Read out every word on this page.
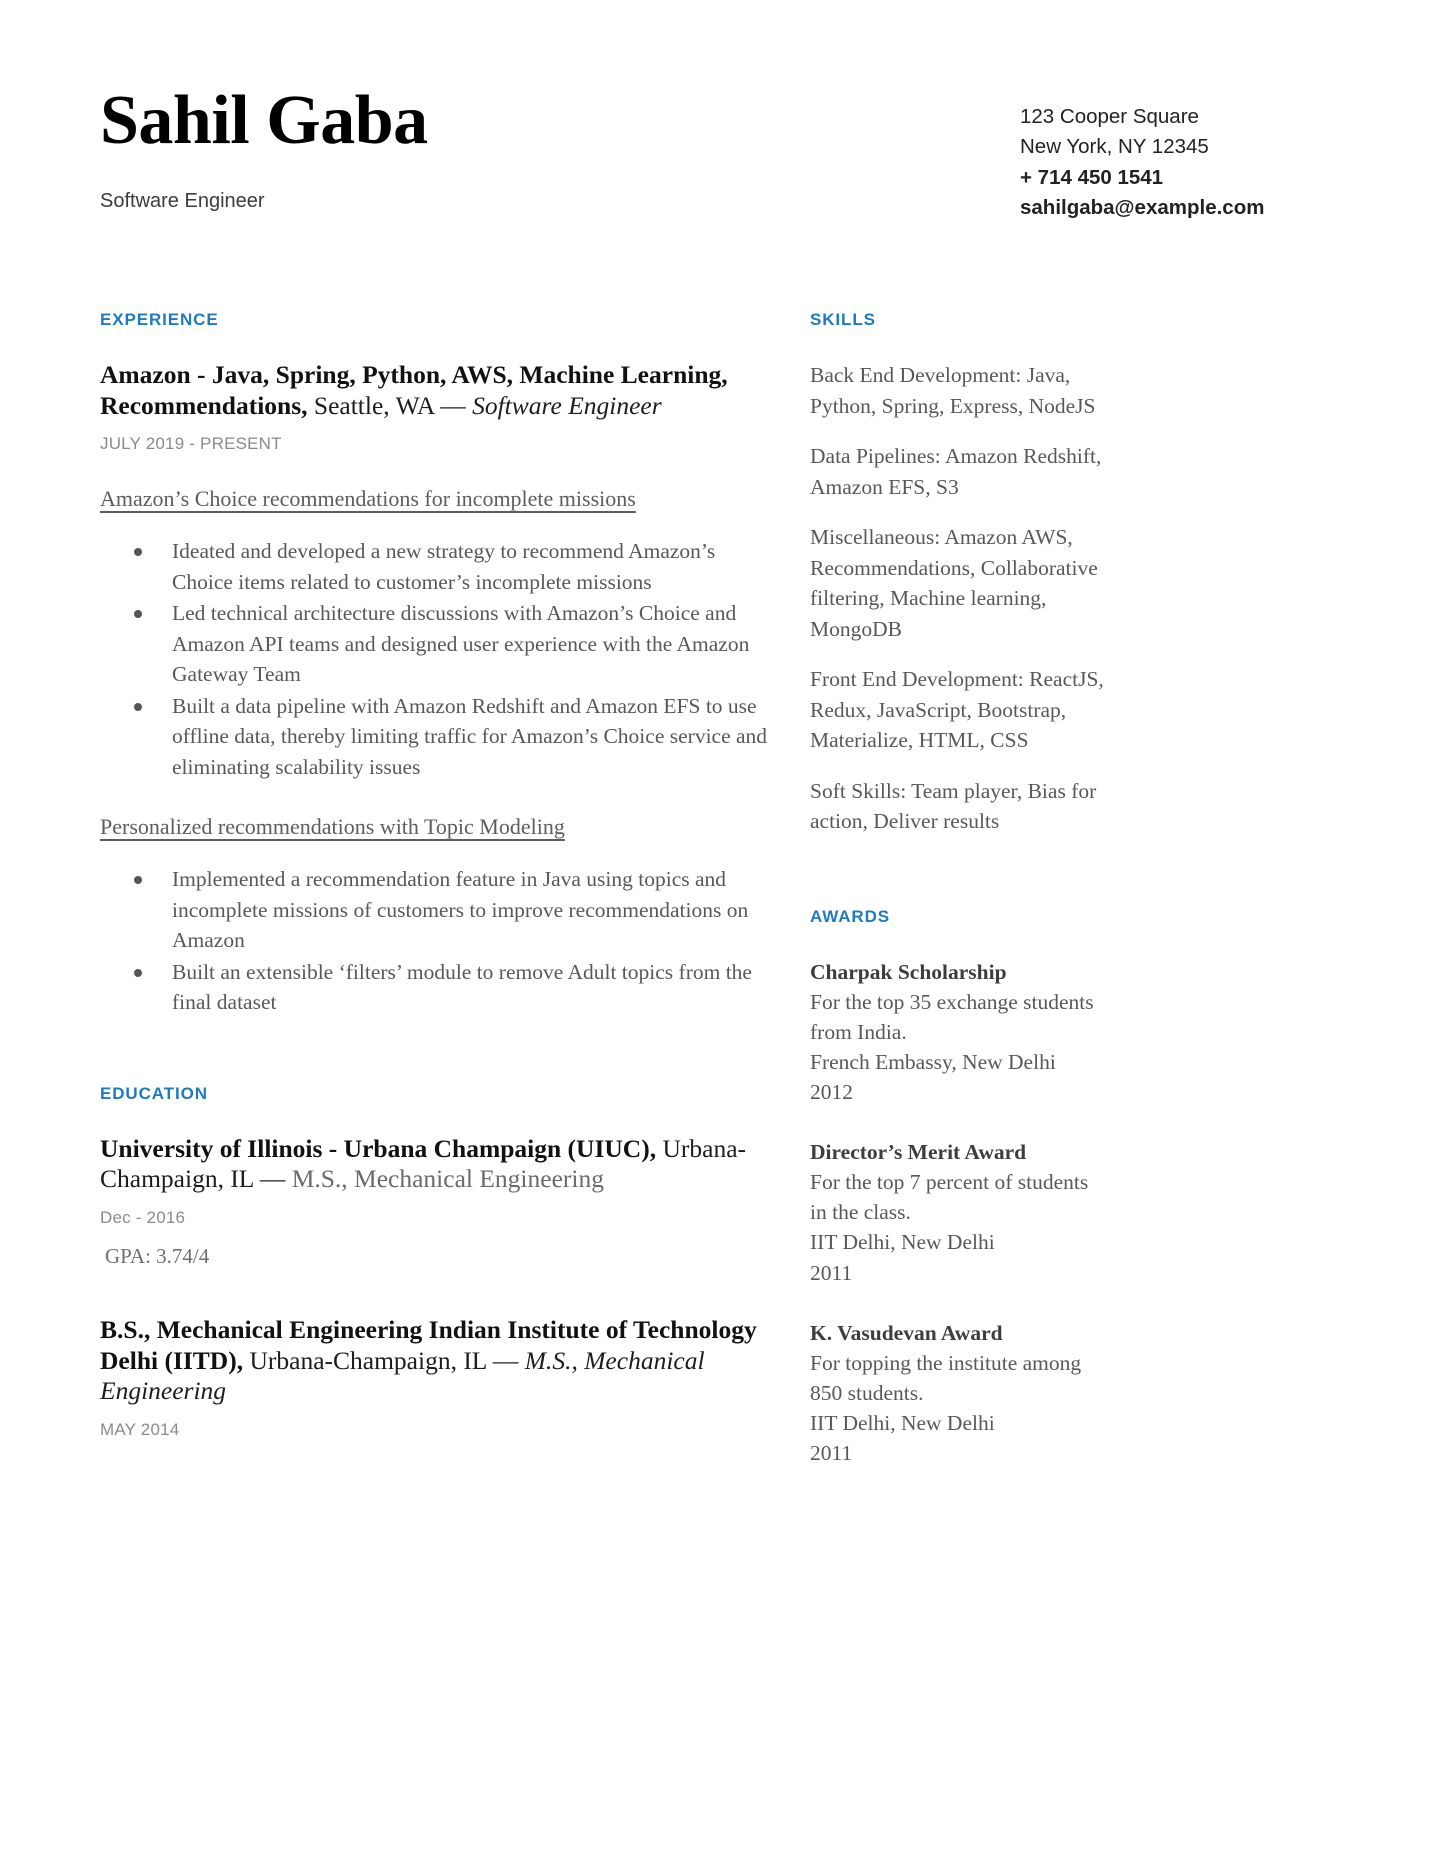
Sahil Gaba
Software Engineer
123 Cooper Square
New York, NY 12345
+ 714 450 1541
sahilgaba@example.com
EXPERIENCE
Amazon - Java, Spring, Python, AWS, Machine Learning, Recommendations, Seattle, WA — Software Engineer
JULY 2019 - PRESENT
Amazon’s Choice recommendations for incomplete missions
Ideated and developed a new strategy to recommend Amazon’s Choice items related to customer’s incomplete missions
Led technical architecture discussions with Amazon’s Choice and Amazon API teams and designed user experience with the Amazon Gateway Team
Built a data pipeline with Amazon Redshift and Amazon EFS to use offline data, thereby limiting traffic for Amazon’s Choice service and eliminating scalability issues
Personalized recommendations with Topic Modeling
Implemented a recommendation feature in Java using topics and incomplete missions of customers to improve recommendations on Amazon
Built an extensible ‘filters’ module to remove Adult topics from the final dataset
EDUCATION
University of Illinois - Urbana Champaign (UIUC), Urbana-Champaign, IL — M.S., Mechanical Engineering
Dec - 2016
GPA: 3.74/4
B.S., Mechanical Engineering Indian Institute of Technology Delhi (IITD), Urbana-Champaign, IL — M.S., Mechanical Engineering
MAY 2014
SKILLS
Back End Development: Java, Python, Spring, Express, NodeJS
Data Pipelines: Amazon Redshift, Amazon EFS, S3
Miscellaneous: Amazon AWS, Recommendations, Collaborative filtering, Machine learning, MongoDB
Front End Development: ReactJS, Redux, JavaScript, Bootstrap, Materialize, HTML, CSS
Soft Skills: Team player, Bias for action, Deliver results
AWARDS
Charpak Scholarship
For the top 35 exchange students from India.
French Embassy, New Delhi
2012
Director’s Merit Award
For the top 7 percent of students in the class.
IIT Delhi, New Delhi
2011
K. Vasudevan Award
For topping the institute among 850 students.
IIT Delhi, New Delhi
2011
